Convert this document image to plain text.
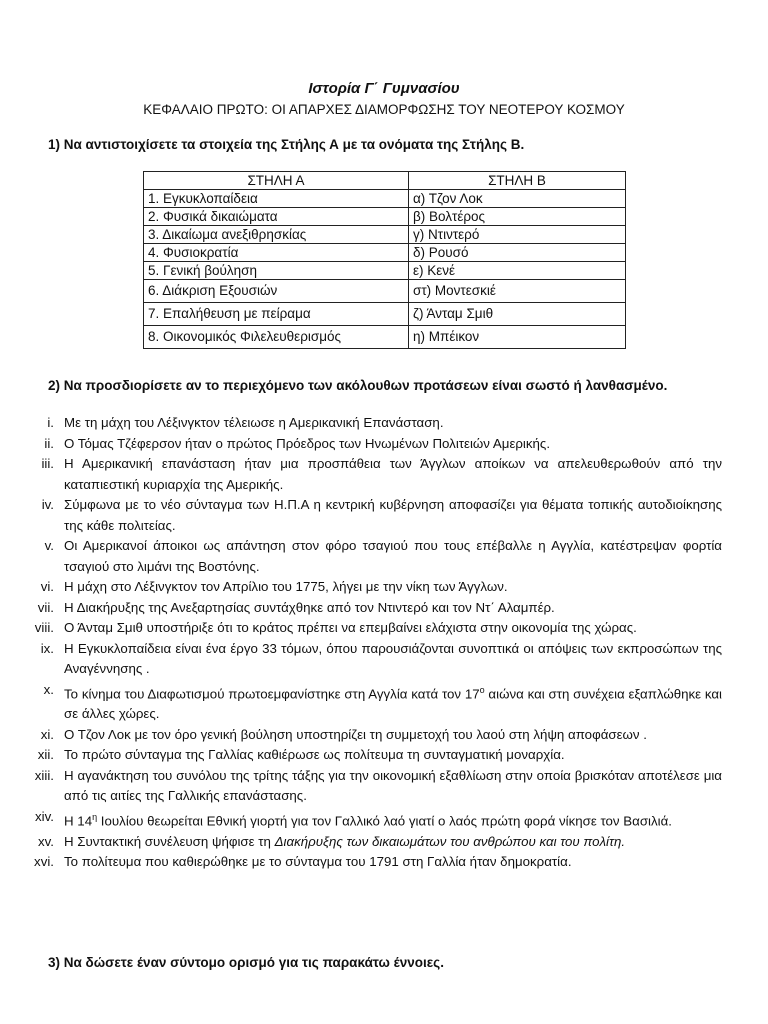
Ιστορία Γ΄ Γυμνασίου
ΚΕΦΑΛΑΙΟ ΠΡΩΤΟ: ΟΙ ΑΠΑΡΧΕΣ ΔΙΑΜΟΡΦΩΣΗΣ ΤΟΥ ΝΕΟΤΕΡΟΥ ΚΟΣΜΟΥ
1) Να αντιστοιχίσετε τα στοιχεία της Στήλης Α με τα ονόματα της Στήλης Β.
ΣΤΗΛΗ Α	ΣΤΗΛΗ Β
1. Εγκυκλοπαίδεια	α) Τζον Λοκ
2. Φυσικά δικαιώματα	β) Βολτέρος
3. Δικαίωμα ανεξιθρησκίας	γ) Ντιντερό
4. Φυσιοκρατία	δ) Ρουσό
5. Γενική βούληση	ε) Κενέ
6. Διάκριση Εξουσιών	στ) Μοντεσκιέ
7. Επαλήθευση με πείραμα	ζ) Άνταμ Σμιθ
8. Οικονομικός Φιλελευθερισμός	η) Μπέικον
2) Να προσδιορίσετε αν το περιεχόμενο των ακόλουθων προτάσεων είναι σωστό ή λανθασμένο.
i. Με τη μάχη του Λέξινγκτον τέλειωσε η Αμερικανική Επανάσταση.
ii. Ο Τόμας Τζέφερσον ήταν ο πρώτος Πρόεδρος των Ηνωμένων Πολιτειών Αμερικής.
iii. Η Αμερικανική επανάσταση ήταν μια προσπάθεια των Άγγλων αποίκων να απελευθερωθούν από την καταπιεστική κυριαρχία της Αμερικής.
iv. Σύμφωνα με το νέο σύνταγμα των Η.Π.Α η κεντρική κυβέρνηση αποφασίζει για θέματα τοπικής αυτοδιοίκησης της κάθε πολιτείας.
v. Οι Αμερικανοί άποικοι ως απάντηση στον φόρο τσαγιού που τους επέβαλλε η Αγγλία, κατέστρεψαν φορτία τσαγιού στο λιμάνι της Βοστόνης.
vi. Η μάχη στο Λέξινγκτον τον Απρίλιο του 1775, λήγει με την νίκη των Άγγλων.
vii. Η Διακήρυξης της Ανεξαρτησίας συντάχθηκε από τον Ντιντερό και τον Ντ΄ Αλαμπέρ.
viii. Ο Άνταμ Σμιθ υποστήριξε ότι το κράτος πρέπει να επεμβαίνει ελάχιστα στην οικονομία της χώρας.
ix. Η Εγκυκλοπαίδεια είναι ένα έργο 33 τόμων, όπου παρουσιάζονται συνοπτικά οι απόψεις των εκπροσώπων της Αναγέννησης .
x. Το κίνημα του Διαφωτισμού πρωτοεμφανίστηκε στη Αγγλία κατά τον $17^o$ αιώνα και στη συνέχεια εξαπλώθηκε και σε άλλες χώρες.
xi. Ο Τζον Λοκ με τον όρο γενική βούληση υποστηρίζει τη συμμετοχή του λαού στη λήψη αποφάσεων .
xii. Το πρώτο σύνταγμα της Γαλλίας καθιέρωσε ως πολίτευμα τη συνταγματική μοναρχία.
xiii. Η αγανάκτηση του συνόλου της τρίτης τάξης για την οικονομική εξαθλίωση στην οποία βρισκόταν αποτέλεσε μια από τις αιτίες της Γαλλικής επανάστασης.
xiv. Η $14^\eta$ Ιουλίου θεωρείται Εθνική γιορτή για τον Γαλλικό λαό γιατί ο λαός πρώτη φορά νίκησε τον Βασιλιά.
xv. Η Συντακτική συνέλευση ψήφισε τη Διακήρυξης των δικαιωμάτων του ανθρώπου και του πολίτη.
xvi. Το πολίτευμα που καθιερώθηκε με το σύνταγμα του 1791 στη Γαλλία ήταν δημοκρατία.
3) Να δώσετε έναν σύντομο ορισμό για τις παρακάτω έννοιες.
